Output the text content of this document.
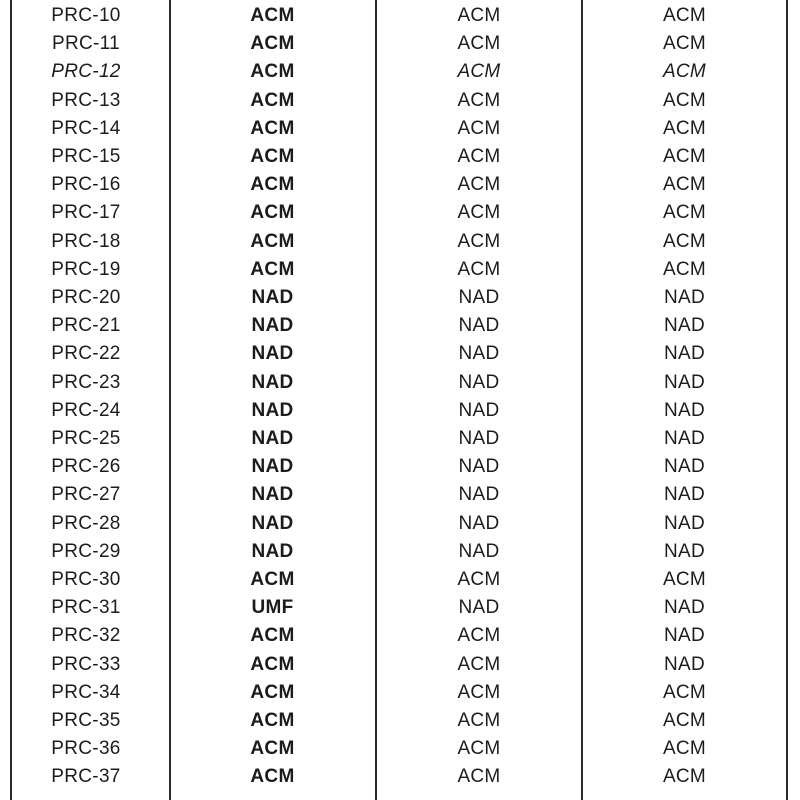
PRC-10	ACM	ACM	ACM
PRC-11	ACM	ACM	ACM
PRC-12	ACM	ACM	ACM
PRC-13	ACM	ACM	ACM
PRC-14	ACM	ACM	ACM
PRC-15	ACM	ACM	ACM
PRC-16	ACM	ACM	ACM
PRC-17	ACM	ACM	ACM
PRC-18	ACM	ACM	ACM
PRC-19	ACM	ACM	ACM
PRC-20	NAD	NAD	NAD
PRC-21	NAD	NAD	NAD
PRC-22	NAD	NAD	NAD
PRC-23	NAD	NAD	NAD
PRC-24	NAD	NAD	NAD
PRC-25	NAD	NAD	NAD
PRC-26	NAD	NAD	NAD
PRC-27	NAD	NAD	NAD
PRC-28	NAD	NAD	NAD
PRC-29	NAD	NAD	NAD
PRC-30	ACM	ACM	ACM
PRC-31	UMF	NAD	NAD
PRC-32	ACM	ACM	NAD
PRC-33	ACM	ACM	NAD
PRC-34	ACM	ACM	ACM
PRC-35	ACM	ACM	ACM
PRC-36	ACM	ACM	ACM
PRC-37	ACM	ACM	ACM
